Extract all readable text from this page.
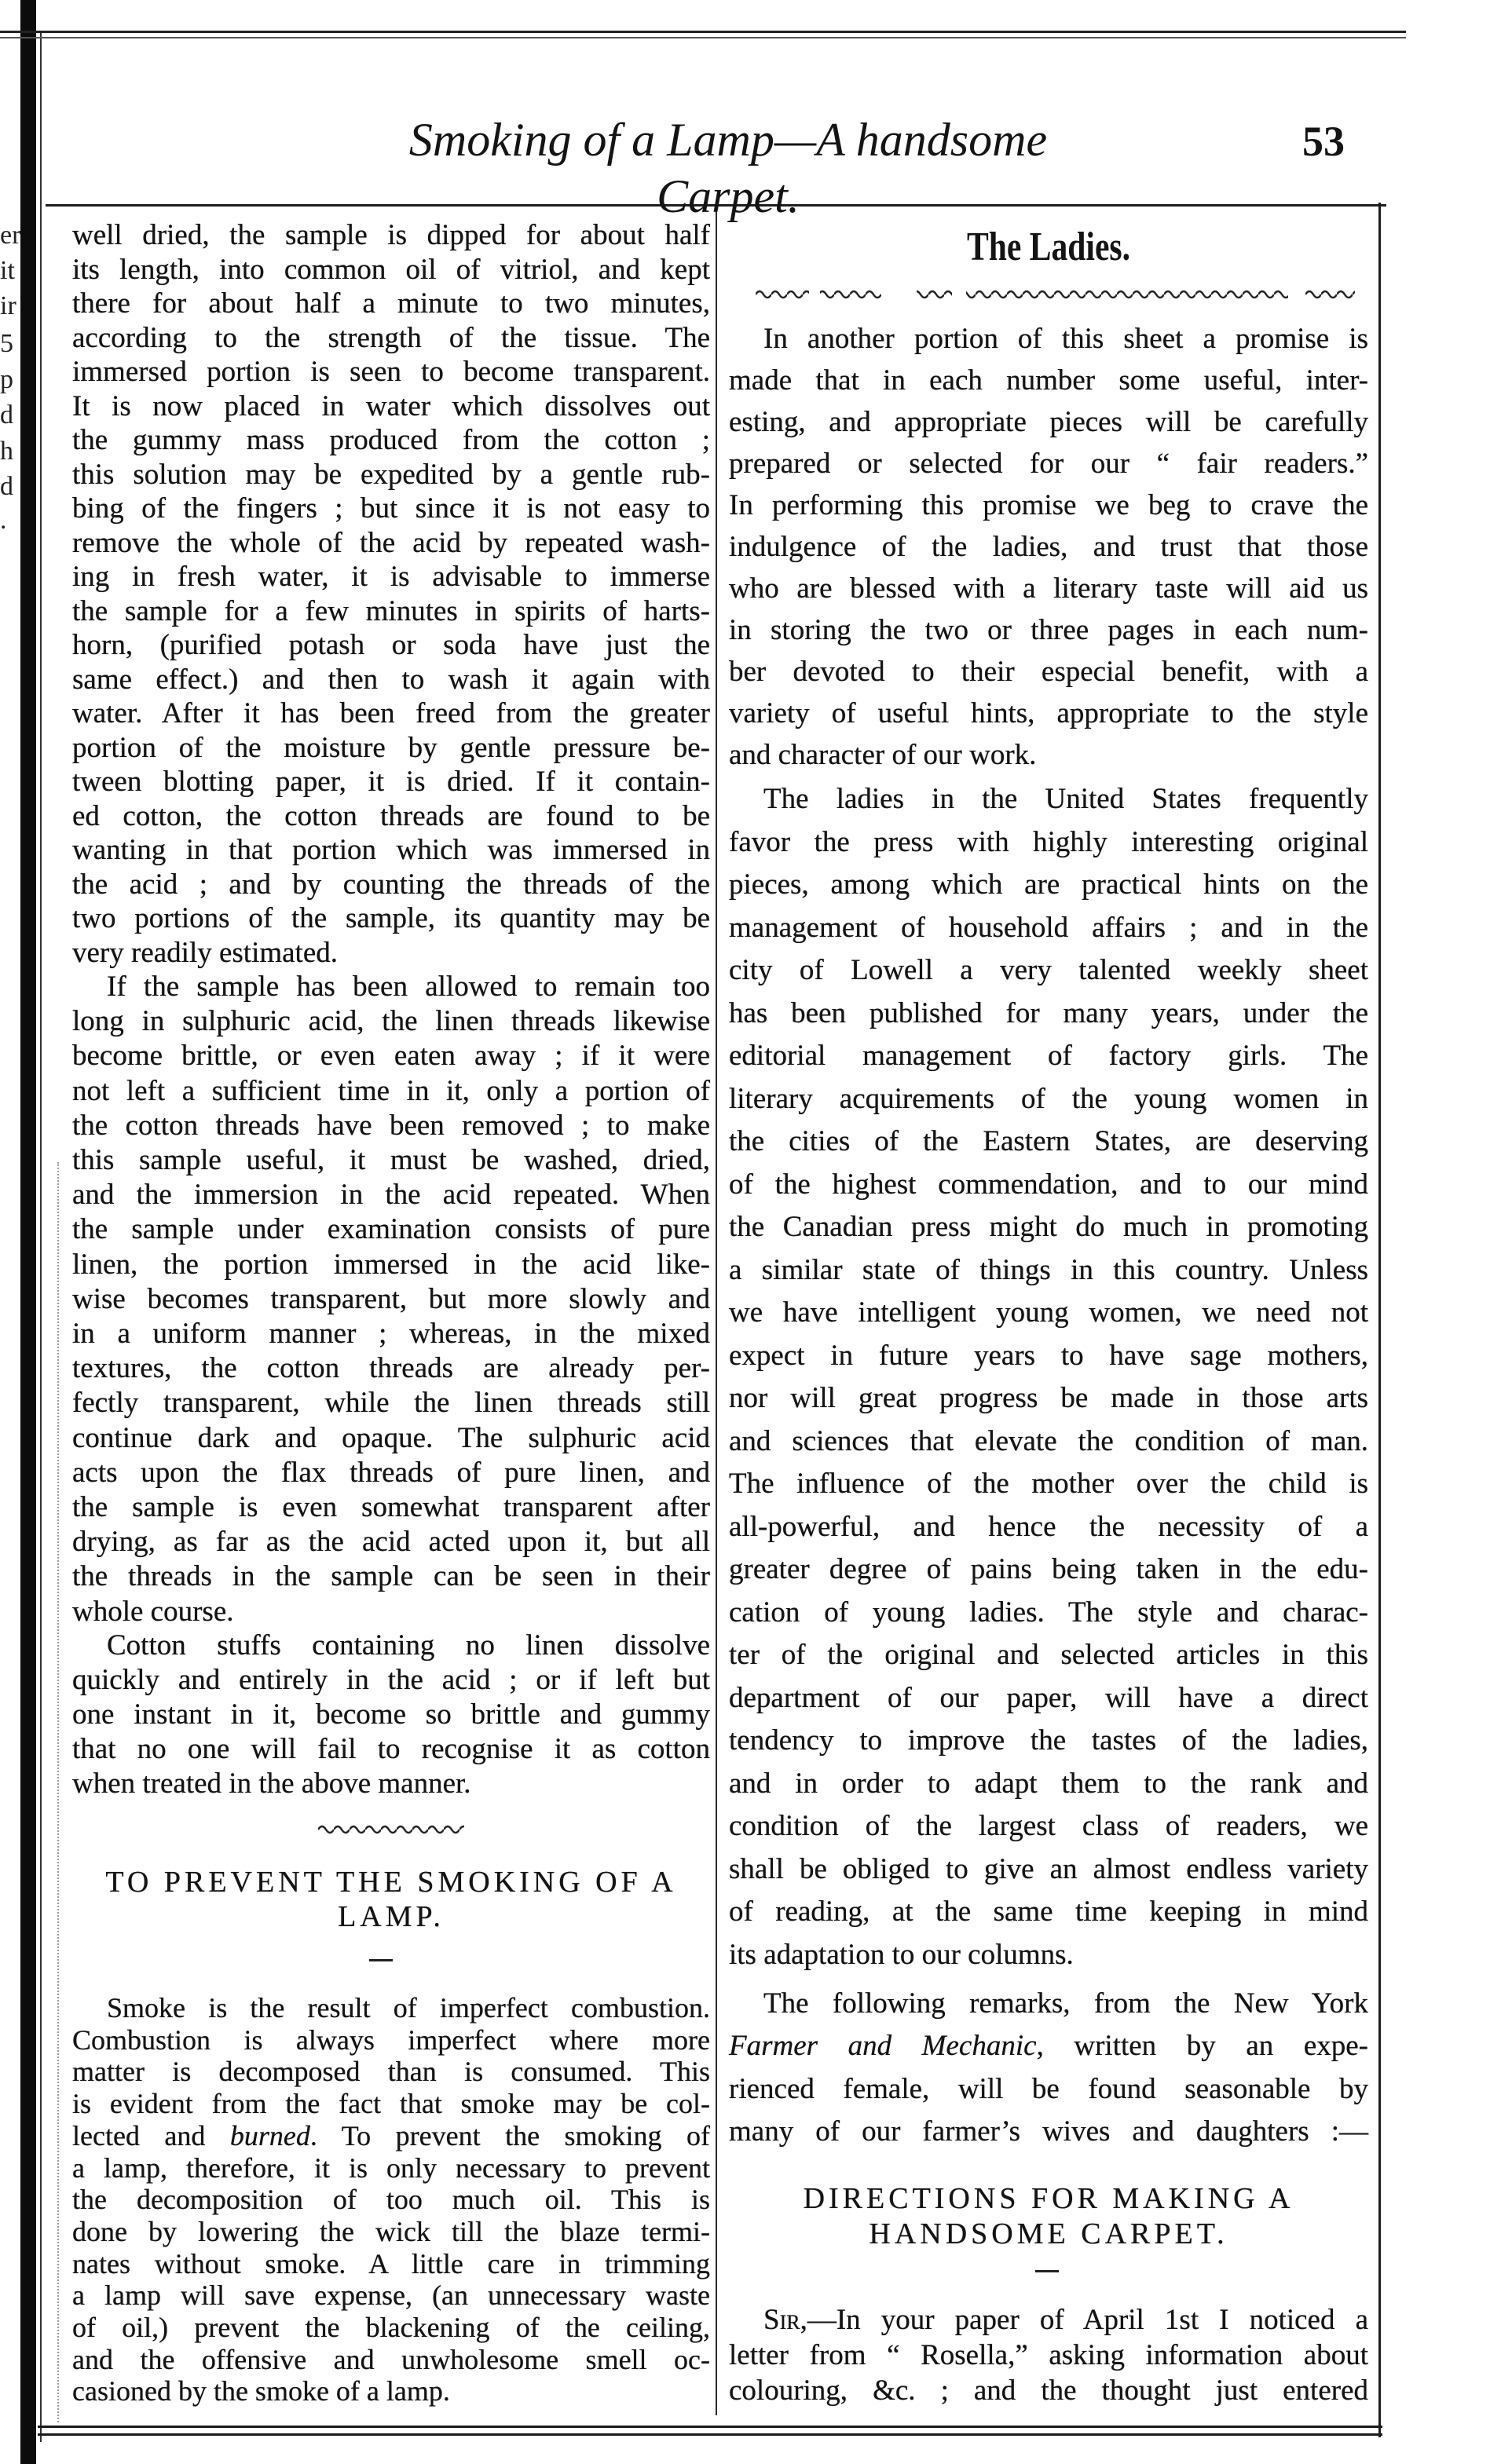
er
it
ir
5
p
d
h
d
.
Smoking of a Lamp—A handsome Carpet.
53
well dried, the sample is dipped for about half
its length, into common oil of vitriol, and kept
there for about half a minute to two minutes,
according to the strength of the tissue. The
immersed portion is seen to become transparent.
It is now placed in water which dissolves out
the gummy mass produced from the cotton ;
this solution may be expedited by a gentle rub-
bing of the fingers ; but since it is not easy to
remove the whole of the acid by repeated wash-
ing in fresh water, it is advisable to immerse
the sample for a few minutes in spirits of harts-
horn, (purified potash or soda have just the
same effect.) and then to wash it again with
water. After it has been freed from the greater
portion of the moisture by gentle pressure be-
tween blotting paper, it is dried. If it contain-
ed cotton, the cotton threads are found to be
wanting in that portion which was immersed in
the acid ; and by counting the threads of the
two portions of the sample, its quantity may be
very readily estimated.
If the sample has been allowed to remain too
long in sulphuric acid, the linen threads likewise
become brittle, or even eaten away ; if it were
not left a sufficient time in it, only a portion of
the cotton threads have been removed ; to make
this sample useful, it must be washed, dried,
and the immersion in the acid repeated. When
the sample under examination consists of pure
linen, the portion immersed in the acid like-
wise becomes transparent, but more slowly and
in a uniform manner ; whereas, in the mixed
textures, the cotton threads are already per-
fectly transparent, while the linen threads still
continue dark and opaque. The sulphuric acid
acts upon the flax threads of pure linen, and
the sample is even somewhat transparent after
drying, as far as the acid acted upon it, but all
the threads in the sample can be seen in their
whole course.
Cotton stuffs containing no linen dissolve
quickly and entirely in the acid ; or if left but
one instant in it, become so brittle and gummy
that no one will fail to recognise it as cotton
when treated in the above manner.
TO PREVENT THE SMOKING OF A
LAMP.
Smoke is the result of imperfect combustion.
Combustion is always imperfect where more
matter is decomposed than is consumed. This
is evident from the fact that smoke may be col-
lected and burned. To prevent the smoking of
a lamp, therefore, it is only necessary to prevent
the decomposition of too much oil. This is
done by lowering the wick till the blaze termi-
nates without smoke. A little care in trimming
a lamp will save expense, (an unnecessary waste
of oil,) prevent the blackening of the ceiling,
and the offensive and unwholesome smell oc-
casioned by the smoke of a lamp.
The Ladies.
In another portion of this sheet a promise is
made that in each number some useful, inter-
esting, and appropriate pieces will be carefully
prepared or selected for our “ fair readers.”
In performing this promise we beg to crave the
indulgence of the ladies, and trust that those
who are blessed with a literary taste will aid us
in storing the two or three pages in each num-
ber devoted to their especial benefit, with a
variety of useful hints, appropriate to the style
and character of our work.
The ladies in the United States frequently
favor the press with highly interesting original
pieces, among which are practical hints on the
management of household affairs ; and in the
city of Lowell a very talented weekly sheet
has been published for many years, under the
editorial management of factory girls. The
literary acquirements of the young women in
the cities of the Eastern States, are deserving
of the highest commendation, and to our mind
the Canadian press might do much in promoting
a similar state of things in this country. Unless
we have intelligent young women, we need not
expect in future years to have sage mothers,
nor will great progress be made in those arts
and sciences that elevate the condition of man.
The influence of the mother over the child is
all-powerful, and hence the necessity of a
greater degree of pains being taken in the edu-
cation of young ladies. The style and charac-
ter of the original and selected articles in this
department of our paper, will have a direct
tendency to improve the tastes of the ladies,
and in order to adapt them to the rank and
condition of the largest class of readers, we
shall be obliged to give an almost endless variety
of reading, at the same time keeping in mind
its adaptation to our columns.
The following remarks, from the New York
Farmer and Mechanic, written by an expe-
rienced female, will be found seasonable by
many of our farmer’s wives and daughters :—
DIRECTIONS FOR MAKING A
HANDSOME CARPET.
Sir,—In your paper of April 1st I noticed a
letter from “ Rosella,” asking information about
colouring, &c. ; and the thought just entered
